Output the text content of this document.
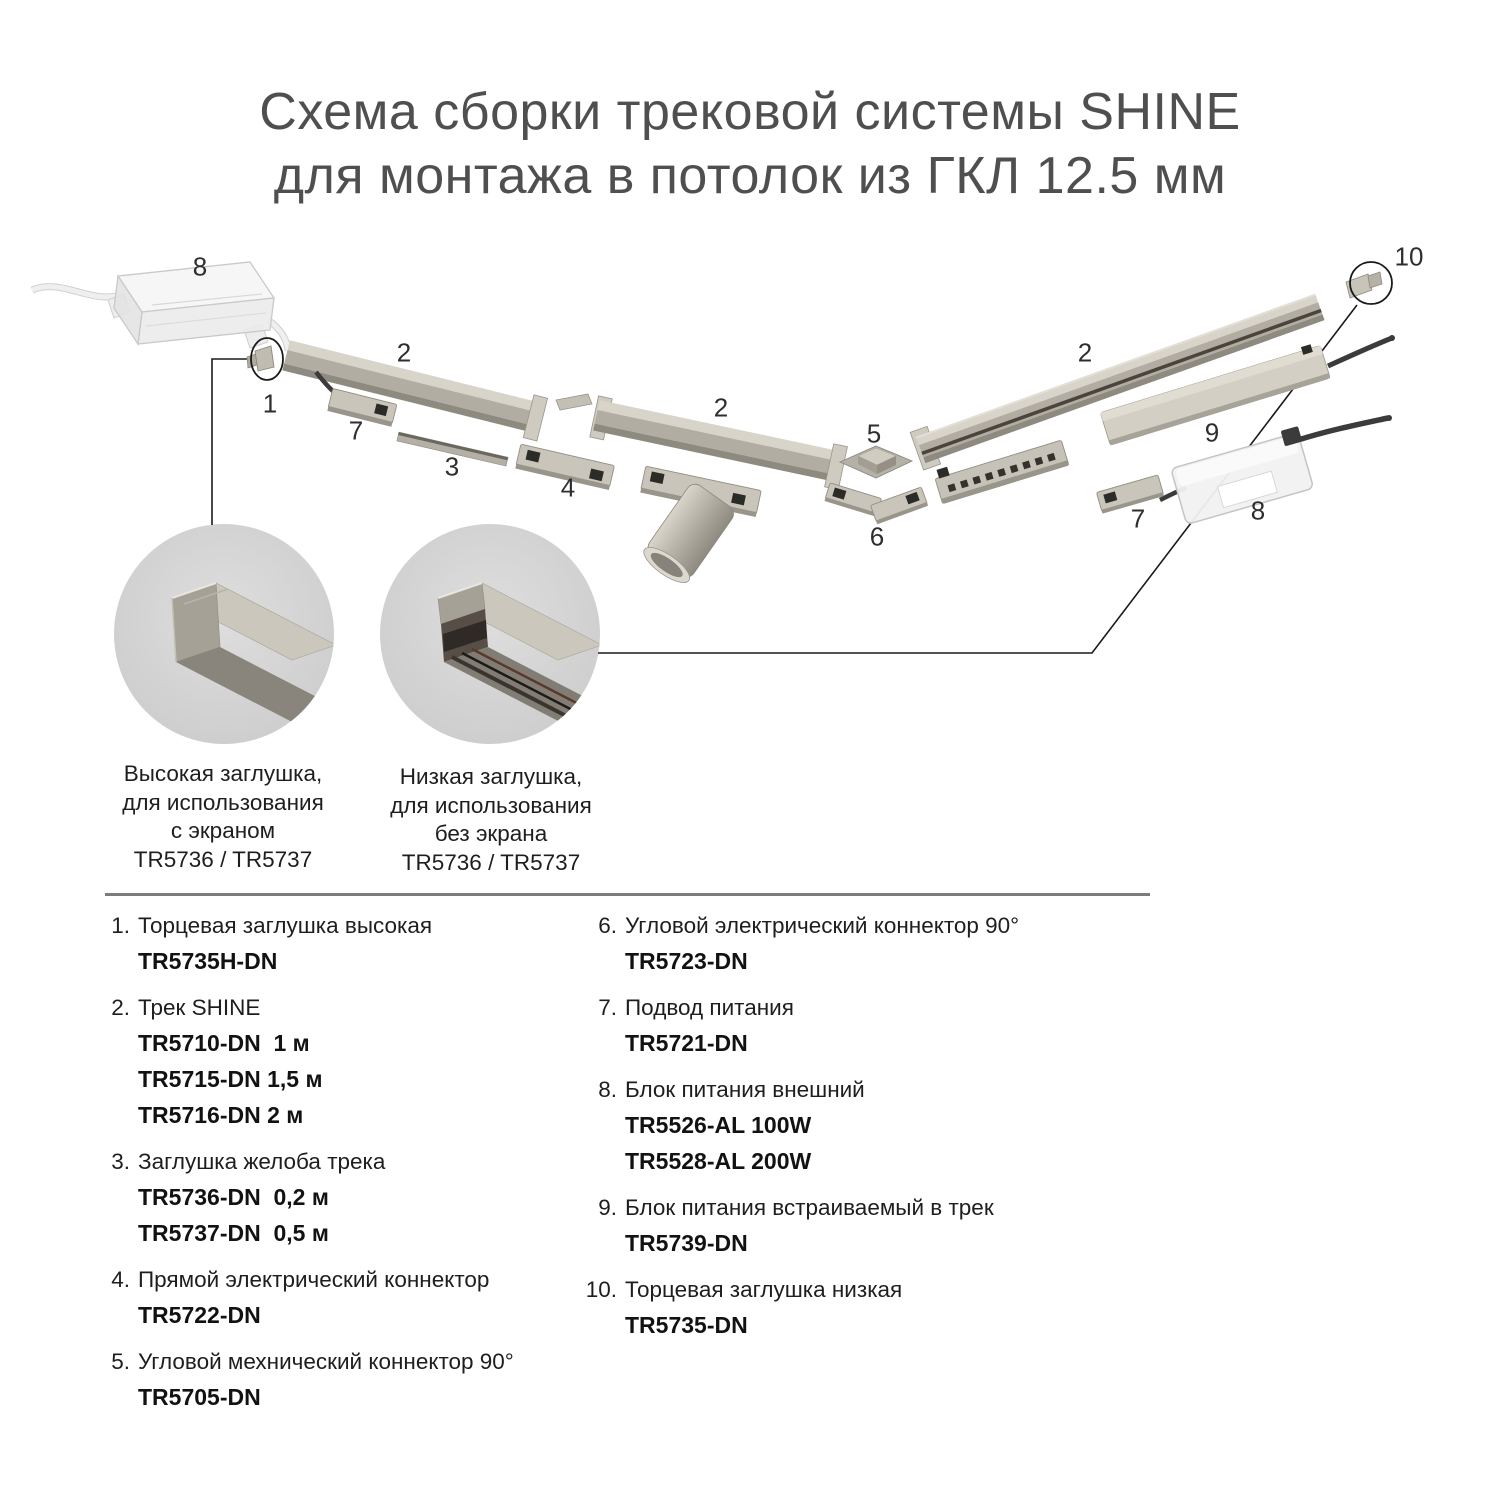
Схема сборки трековой системы SHINE
для монтажа в потолок из ГКЛ 12.5 мм
8
1
2
7
3
4
2
5
6
2
9
10
7	8
Высокая заглушка,
для использования
с экраном
TR5736 / TR5737
Низкая заглушка,
для использования
без экрана
TR5736 / TR5737
1. Торцевая заглушка высокая
TR5735H-DN
2. Трек SHINE
TR5710-DN  1 м
TR5715-DN 1,5 м
TR5716-DN 2 м
3. Заглушка желоба трека
TR5736-DN  0,2 м
TR5737-DN  0,5 м
4. Прямой электрический коннектор
TR5722-DN
5. Угловой мехнический коннектор 90°
TR5705-DN
6. Угловой электрический коннектор 90°
TR5723-DN
7. Подвод питания
TR5721-DN
8. Блок питания внешний
TR5526-AL 100W
TR5528-AL 200W
9. Блок питания встраиваемый в трек
TR5739-DN
10. Торцевая заглушка низкая
TR5735-DN
